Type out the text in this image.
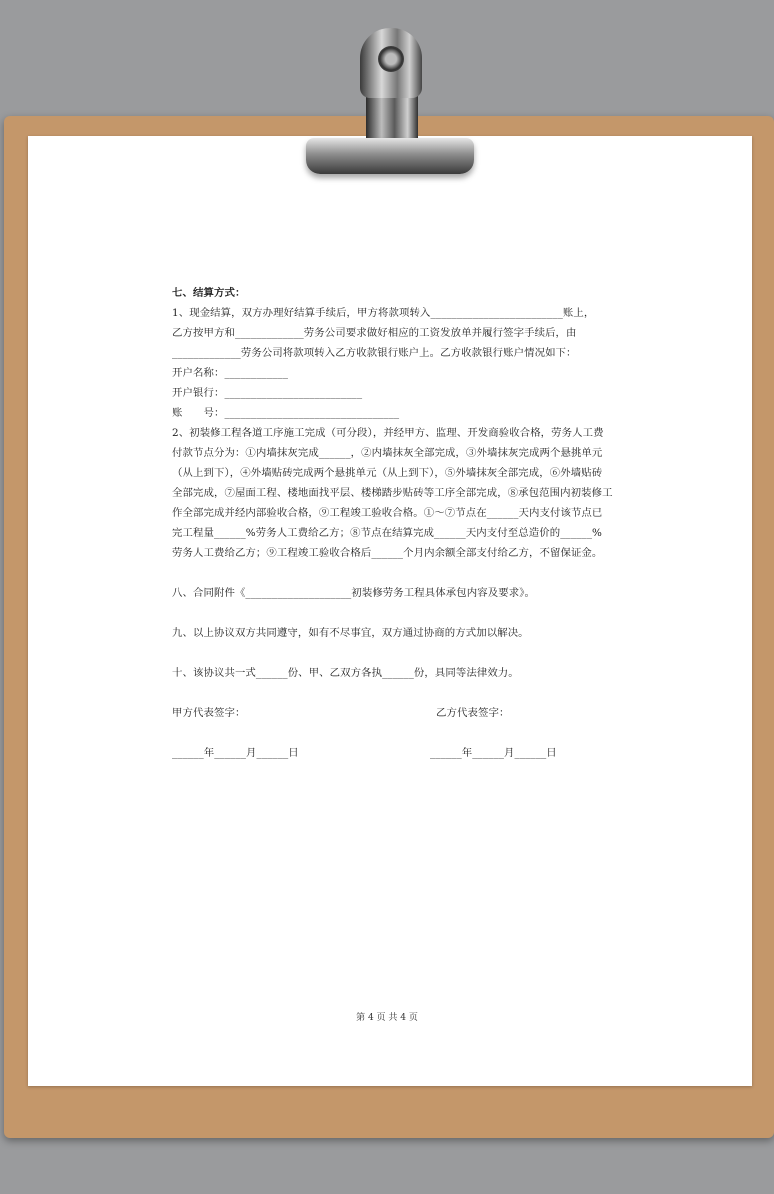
七、结算方式：
1、现金结算，双方办理好结算手续后，甲方将款项转入_________________________账上，
乙方按甲方和_____________劳务公司要求做好相应的工资发放单并履行签字手续后，由
_____________劳务公司将款项转入乙方收款银行账户上。乙方收款银行账户情况如下：
开户名称：____________
开户银行：__________________________
账　　号：_________________________________
2、初装修工程各道工序施工完成（可分段），并经甲方、监理、开发商验收合格，劳务人工费
付款节点分为：①内墙抹灰完成______，②内墙抹灰全部完成，③外墙抹灰完成两个悬挑单元
（从上到下），④外墙贴砖完成两个悬挑单元（从上到下），⑤外墙抹灰全部完成，⑥外墙贴砖
全部完成，⑦屋面工程、楼地面找平层、楼梯踏步贴砖等工序全部完成，⑧承包范围内初装修工
作全部完成并经内部验收合格，⑨工程竣工验收合格。①～⑦节点在______天内支付该节点已
完工程量______%劳务人工费给乙方；⑧节点在结算完成______天内支付至总造价的______%
劳务人工费给乙方；⑨工程竣工验收合格后______个月内余额全部支付给乙方，不留保证金。
八、合同附件《____________________初装修劳务工程具体承包内容及要求》。
九、以上协议双方共同遵守，如有不尽事宜，双方通过协商的方式加以解决。
十、该协议共一式______份、甲、乙双方各执______份，具同等法律效力。
甲方代表签字：	乙方代表签字：
______年______月______日	______年______月______日
第 4 页 共 4 页
